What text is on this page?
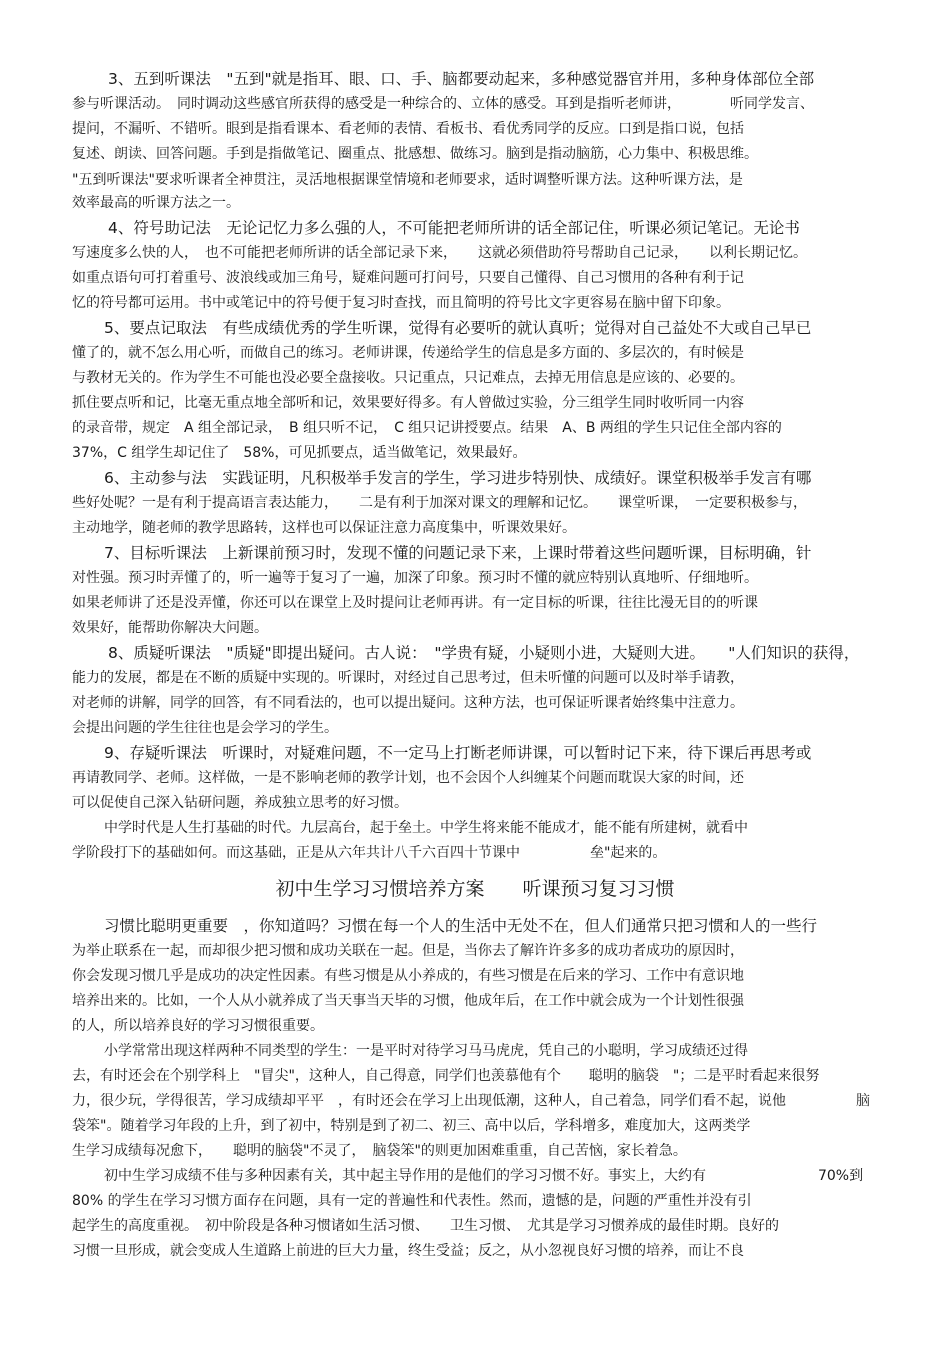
3、五到听课法　"五到"就是指耳、眼、口、手、脑都要动起来，多种感觉器官并用，多种身体部位全部
参与听课活动。　同时调动这些感官所获得的感受是一种综合的、立体的感受。耳到是指听老师讲，　　　　听同学发言、
提问，不漏听、不错听。眼到是指看课本、看老师的表情、看板书、看优秀同学的反应。口到是指口说，包括
复述、朗读、回答问题。手到是指做笔记、圈重点、批感想、做练习。脑到是指动脑筋，心力集中、积极思维。
"五到听课法"要求听课者全神贯注，灵活地根据课堂情境和老师要求，适时调整听课方法。这种听课方法，是
效率最高的听课方法之一。
4、符号助记法　无论记忆力多么强的人，不可能把老师所讲的话全部记住，听课必须记笔记。无论书
写速度多么快的人，　也不可能把老师所讲的话全部记录下来，　　这就必须借助符号帮助自己记录，　　以利长期记忆。
如重点语句可打着重号、波浪线或加三角号，疑难问题可打问号，只要自己懂得、自己习惯用的各种有利于记
忆的符号都可运用。书中或笔记中的符号便于复习时查找，而且简明的符号比文字更容易在脑中留下印象。
5、要点记取法　有些成绩优秀的学生听课，觉得有必要听的就认真听；觉得对自己益处不大或自己早已
懂了的，就不怎么用心听，而做自己的练习。老师讲课，传递给学生的信息是多方面的、多层次的，有时候是
与教材无关的。作为学生不可能也没必要全盘接收。只记重点，只记难点，去掉无用信息是应该的、必要的。
抓住要点听和记，比毫无重点地全部听和记，效果要好得多。有人曾做过实验，分三组学生同时收听同一内容
的录音带，规定　A 组全部记录，　B 组只听不记，　C 组只记讲授要点。结果　A、B 两组的学生只记住全部内容的
37%，C 组学生却记住了　58%，可见抓要点，适当做笔记，效果最好。
6、主动参与法　实践证明，凡积极举手发言的学生，学习进步特别快、成绩好。课堂积极举手发言有哪
些好处呢？一是有利于提高语言表达能力，　　二是有利于加深对课文的理解和记忆。　　课堂听课，　一定要积极参与，
主动地学，随老师的教学思路转，这样也可以保证注意力高度集中，听课效果好。
7、目标听课法　上新课前预习时，发现不懂的问题记录下来，上课时带着这些问题听课，目标明确，针
对性强。预习时弄懂了的，听一遍等于复习了一遍，加深了印象。预习时不懂的就应特别认真地听、仔细地听。
如果老师讲了还是没弄懂，你还可以在课堂上及时提问让老师再讲。有一定目标的听课，往往比漫无目的的听课
效果好，能帮助你解决大问题。
8、质疑听课法　"质疑"即提出疑问。古人说：　"学贵有疑，小疑则小进，大疑则大进。　　"人们知识的获得，
能力的发展，都是在不断的质疑中实现的。听课时，对经过自己思考过，但未听懂的问题可以及时举手请教，
对老师的讲解，同学的回答，有不同看法的，也可以提出疑问。这种方法，也可保证听课者始终集中注意力。
会提出问题的学生往往也是会学习的学生。
9、存疑听课法　听课时，对疑难问题，不一定马上打断老师讲课，可以暂时记下来，待下课后再思考或
再请教同学、老师。这样做，一是不影响老师的教学计划，也不会因个人纠缠某个问题而耽误大家的时间，还
可以促使自己深入钻研问题，养成独立思考的好习惯。
中学时代是人生打基础的时代。九层高台，起于垒土。中学生将来能不能成才，能不能有所建树，就看中
学阶段打下的基础如何。而这基础，正是从六年共计八千六百四十节课中　　　　　垒"起来的。
初中生学习习惯培养方案　　听课预习复习习惯
习惯比聪明更重要　，你知道吗？习惯在每一个人的生活中无处不在，但人们通常只把习惯和人的一些行
为举止联系在一起，而却很少把习惯和成功关联在一起。但是，当你去了解许许多多的成功者成功的原因时，
你会发现习惯几乎是成功的决定性因素。有些习惯是从小养成的，有些习惯是在后来的学习、工作中有意识地
培养出来的。比如，一个人从小就养成了当天事当天毕的习惯，他成年后，在工作中就会成为一个计划性很强
的人，所以培养良好的学习习惯很重要。
小学常常出现这样两种不同类型的学生：一是平时对待学习马马虎虎，凭自己的小聪明，学习成绩还过得
去，有时还会在个别学科上　"冒尖"，这种人，自己得意，同学们也羡慕他有个　　聪明的脑袋　"；二是平时看起来很努
力，很少玩，学得很苦，学习成绩却平平　，有时还会在学习上出现低潮，这种人，自己着急，同学们看不起，说他　　　　　脑
袋笨"。随着学习年段的上升，到了初中，特别是到了初二、初三、高中以后，学科增多，难度加大，这两类学
生学习成绩每况愈下，　　聪明的脑袋"不灵了，　脑袋笨"的则更加困难重重，自己苦恼，家长着急。
初中生学习成绩不佳与多种因素有关，其中起主导作用的是他们的学习习惯不好。事实上，大约有　　　　　　　　70%到
80% 的学生在学习习惯方面存在问题，具有一定的普遍性和代表性。然而，遗憾的是，问题的严重性并没有引
起学生的高度重视。　初中阶段是各种习惯诸如生活习惯、　　卫生习惯、　尤其是学习习惯养成的最佳时期。良好的
习惯一旦形成，就会变成人生道路上前进的巨大力量，终生受益；反之，从小忽视良好习惯的培养，而让不良
